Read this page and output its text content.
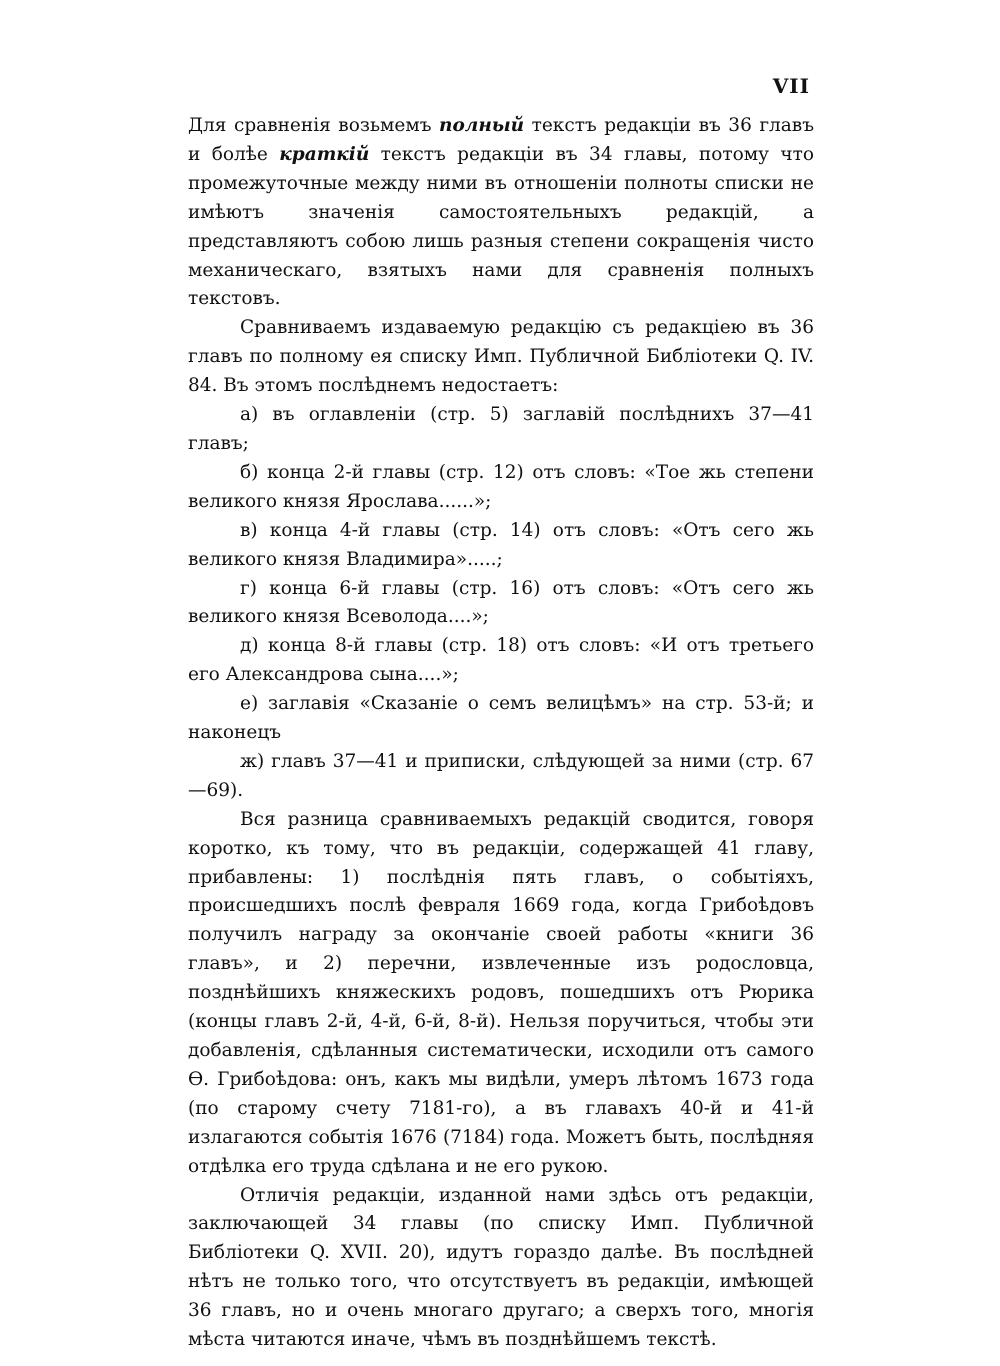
VII

Для сравненія возьмемъ полный текстъ редакціи въ 36 главъ и болѣе краткій текстъ редакціи въ 34 главы, потому что промежуточные между ними въ отношеніи полноты списки не имѣютъ значенія самостоятельныхъ редакцій, а представляютъ собою лишь разныя степени сокращенія чисто механическаго, взятыхъ нами для сравненія полныхъ текстовъ.

Сравниваемъ издаваемую редакцію съ редакціею въ 36 главъ по полному ея списку Имп. Публичной Библіотеки Q. IV. 84. Въ этомъ послѣднемъ недостаетъ:

а) въ оглавленіи (стр. 5) заглавій послѣднихъ 37—41 главъ;

б) конца 2-й главы (стр. 12) отъ словъ: «Тое жь степени великого князя Ярослава......»;

в) конца 4-й главы (стр. 14) отъ словъ: «Отъ сего жь великого князя Владимира».....;

г) конца 6-й главы (стр. 16) отъ словъ: «Отъ сего жь великого князя Всеволода....»;

д) конца 8-й главы (стр. 18) отъ словъ: «И отъ третьего его Александрова сына....»;

е) заглавія «Сказаніе о семъ велицѣмъ» на стр. 53-й; и наконецъ

ж) главъ 37—41 и приписки, слѣдующей за ними (стр. 67—69).

Вся разница сравниваемыхъ редакцій сводится, говоря коротко, къ тому, что въ редакціи, содержащей 41 главу, прибавлены: 1) послѣднія пять главъ, о событіяхъ, происшедшихъ послѣ февраля 1669 года, когда Грибоѣдовъ получилъ награду за окончаніе своей работы «книги 36 главъ», и 2) перечни, извлеченные изъ родословца, позднѣйшихъ княжескихъ родовъ, пошедшихъ отъ Рюрика (концы главъ 2-й, 4-й, 6-й, 8-й). Нельзя поручиться, чтобы эти добавленія, сдѣланныя систематически, исходили отъ самого Ѳ. Грибоѣдова: онъ, какъ мы видѣли, умеръ лѣтомъ 1673 года (по старому счету 7181-го), а въ главахъ 40-й и 41-й излагаются событія 1676 (7184) года. Можетъ быть, послѣдняя отдѣлка его труда сдѣлана и не его рукою.

Отличія редакціи, изданной нами здѣсь отъ редакціи, заключающей 34 главы (по списку Имп. Публичной Библіотеки Q. XVII. 20), идутъ гораздо далѣе. Въ послѣдней нѣтъ не только того, что отсутствуетъ въ редакціи, имѣющей 36 главъ, но и очень многаго другаго; а сверхъ того, многія мѣста читаются иначе, чѣмъ въ позднѣйшемъ текстѣ.
